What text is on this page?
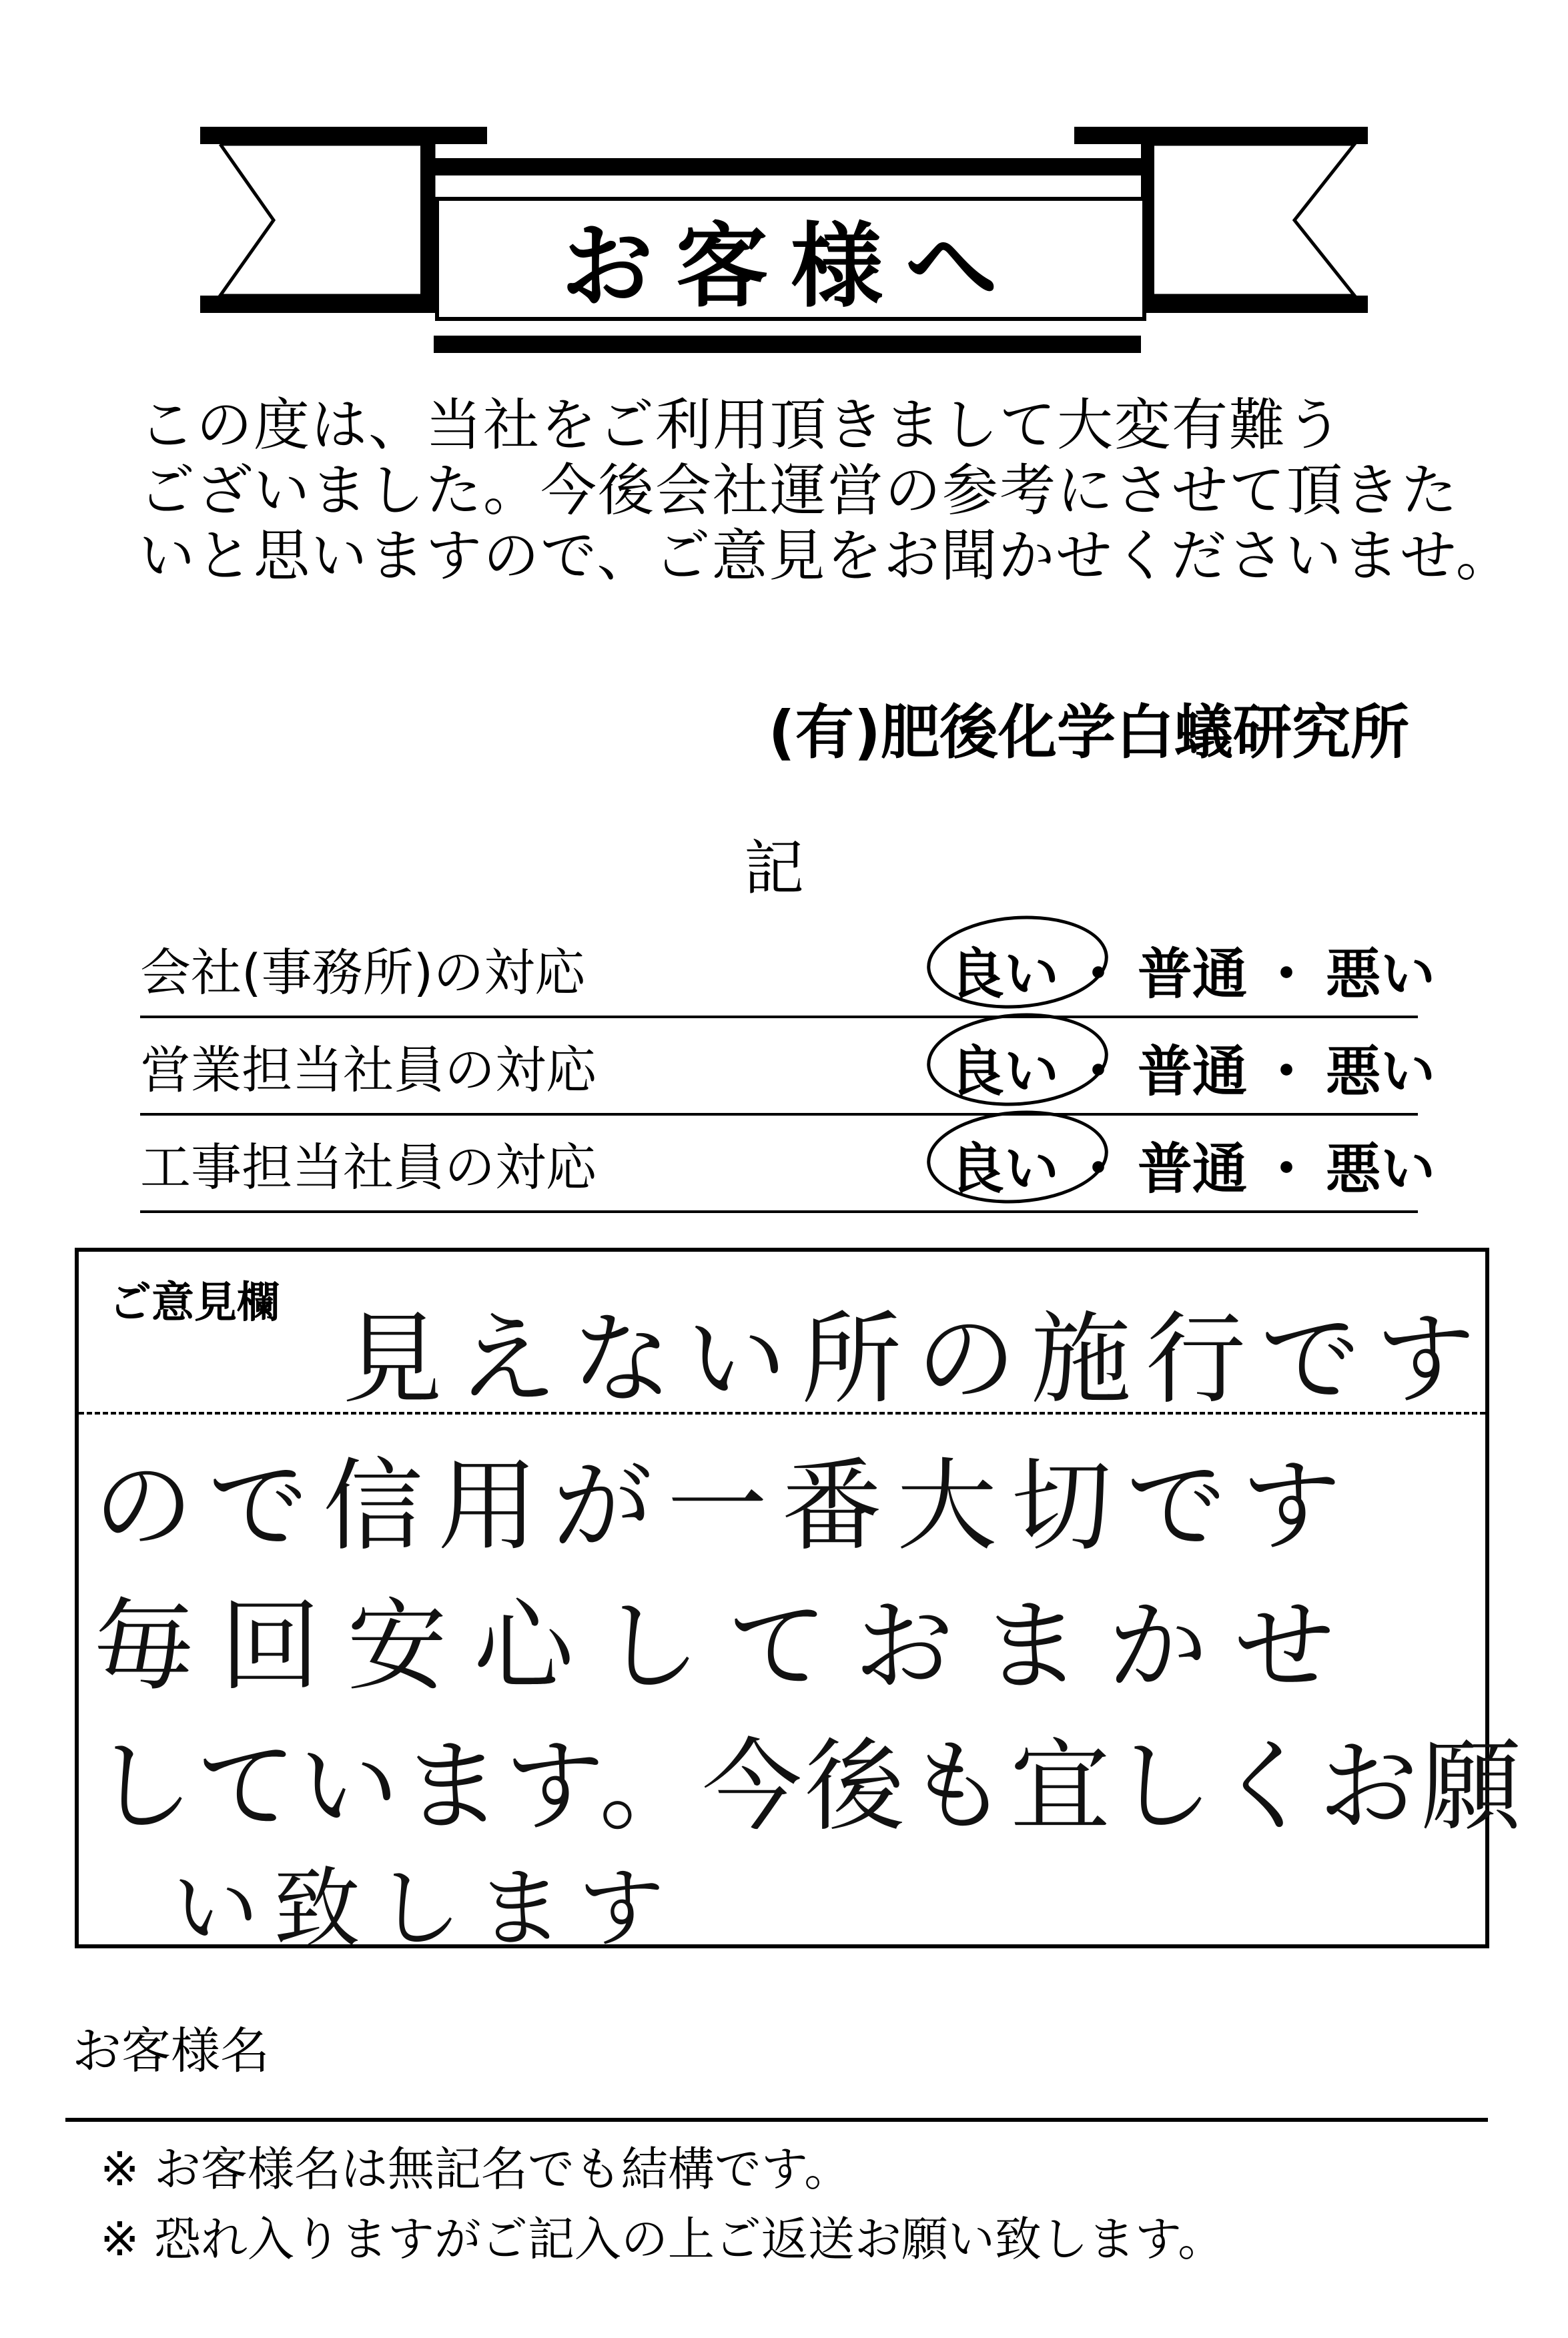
お客様へ
この度は、当社をご利用頂きまして大変有難う
ございました。今後会社運営の参考にさせて頂きた
いと思いますので、ご意見をお聞かせくださいませ。
(有)肥後化学白蟻研究所
記
会社(事務所)の対応	良い ・ 普通 ・ 悪い
営業担当社員の対応	良い ・ 普通 ・ 悪い
工事担当社員の対応	良い ・ 普通 ・ 悪い
ご意見欄 見えない所の施行です
ので信用が一番大切です
毎回安心しておまかせ
しています。今後も宜しくお願
い致します
お客様名
※ お客様名は無記名でも結構です。
※ 恐れ入りますがご記入の上ご返送お願い致します。
